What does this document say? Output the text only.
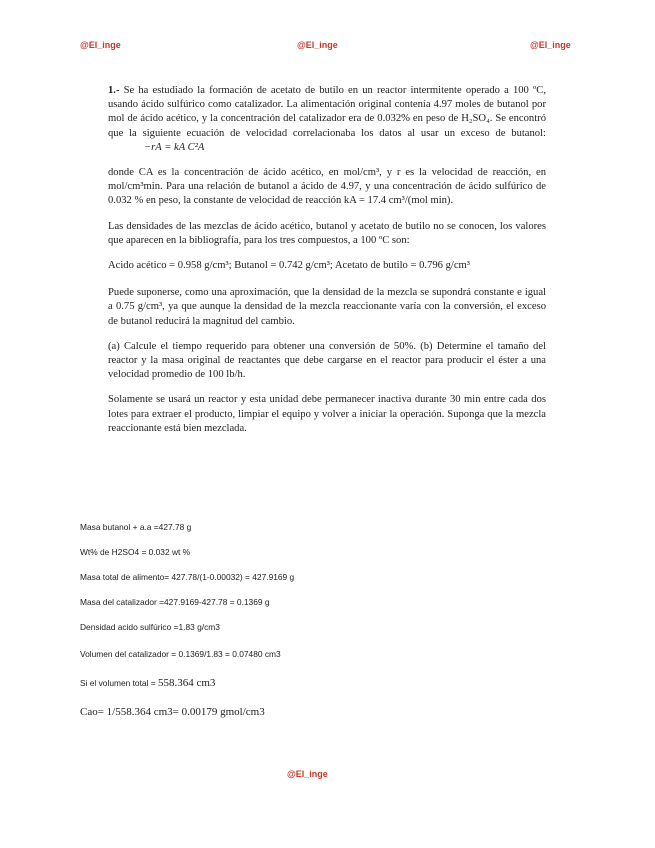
@El_inge	@El_inge	@El_inge

1.- Se ha estudiado la formación de acetato de butilo en un reactor intermitente operado a 100 ºC, usando ácido sulfúrico como catalizador. La alimentación original contenía 4.97 moles de butanol por mol de ácido acético, y la concentración del catalizador era de 0.032% en peso de H₂SO₄. Se encontró que la siguiente ecuación de velocidad correlacionaba los datos al usar un exceso de butanol: −rA = kA C²A

donde CA es la concentración de ácido acético, en mol/cm³, y r es la velocidad de reacción, en mol/cm³min. Para una relación de butanol a ácido de 4.97, y una concentración de ácido sulfúrico de 0.032 % en peso, la constante de velocidad de reacción kA = 17.4 cm³/(mol min).

Las densidades de las mezclas de ácido acético, butanol y acetato de butilo no se conocen, los valores que aparecen en la bibliografía, para los tres compuestos, a 100 ºC son:

Acido acético = 0.958 g/cm³; Butanol = 0.742 g/cm³; Acetato de butilo = 0.796 g/cm³

Puede suponerse, como una aproximación, que la densidad de la mezcla se supondrá constante e igual a 0.75 g/cm³, ya que aunque la densidad de la mezcla reaccionante varía con la conversión, el exceso de butanol reducirá la magnitud del cambio.

(a) Calcule el tiempo requerido para obtener una conversión de 50%. (b) Determine el tamaño del reactor y la masa original de reactantes que debe cargarse en el reactor para producir el éster a una velocidad promedio de 100 lb/h.

Solamente se usará un reactor y esta unidad debe permanecer inactiva durante 30 min entre cada dos lotes para extraer el producto, limpiar el equipo y volver a iniciar la operación. Suponga que la mezcla reaccionante está bien mezclada.

Masa butanol + a.a =427.78 g
Wt% de H2SO4 = 0.032 wt %
Masa total de alimento= 427.78/(1-0.00032) = 427.9169 g
Masa del catalizador =427.9169-427.78 = 0.1369 g
Densidad acido sulfúrico =1.83 g/cm3
Volumen del catalizador = 0.1369/1.83 = 0.07480 cm3
Si el volumen total = 558.364 cm3
Cao= 1/558.364 cm3= 0.00179 gmol/cm3
@El_inge
